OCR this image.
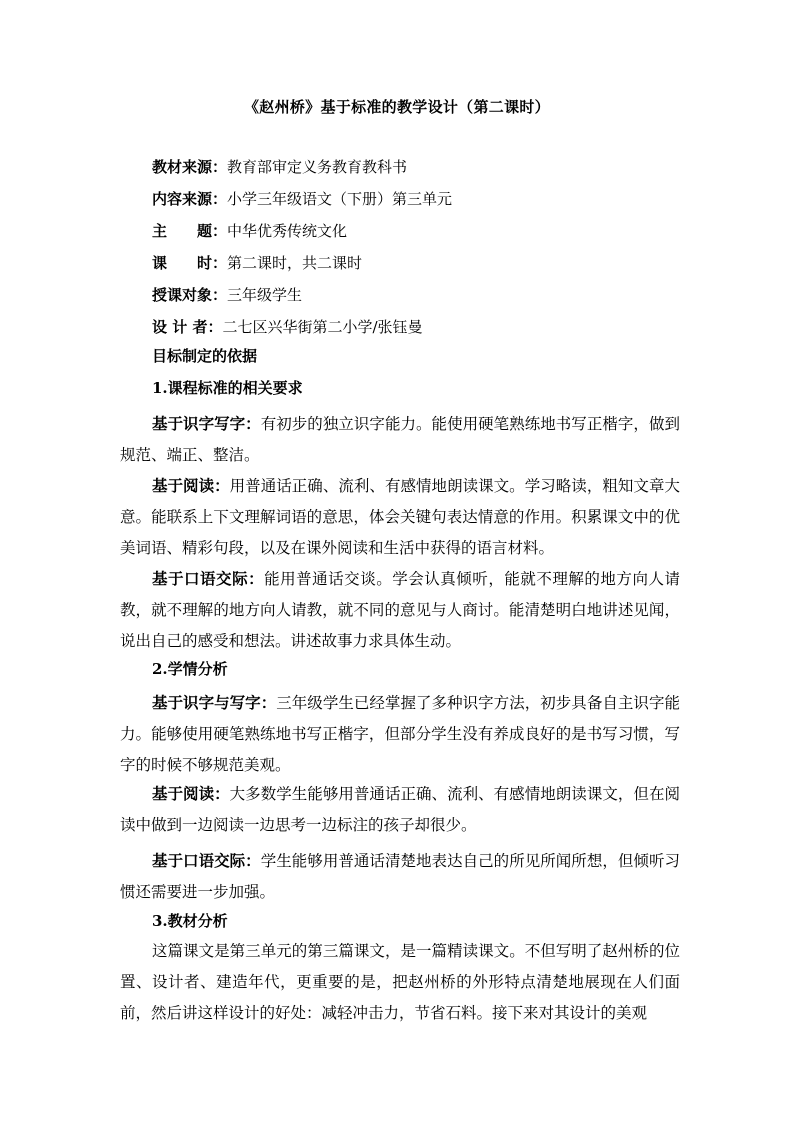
《赵州桥》基于标准的教学设计（第二课时）
教材来源：教育部审定义务教育教科书
内容来源：小学三年级语文（下册）第三单元
主　　题：中华优秀传统文化
课　　时：第二课时，共二课时
授课对象：三年级学生
设 计 者：二七区兴华街第二小学/张钰曼
目标制定的依据
1.课程标准的相关要求

基于识字写字：有初步的独立识字能力。能使用硬笔熟练地书写正楷字，做到规范、端正、整洁。

基于阅读：用普通话正确、流利、有感情地朗读课文。学习略读，粗知文章大意。能联系上下文理解词语的意思，体会关键句表达情意的作用。积累课文中的优美词语、精彩句段，以及在课外阅读和生活中获得的语言材料。

基于口语交际：能用普通话交谈。学会认真倾听，能就不理解的地方向人请教，就不理解的地方向人请教，就不同的意见与人商讨。能清楚明白地讲述见闻，说出自己的感受和想法。讲述故事力求具体生动。

2.学情分析

基于识字与写字：三年级学生已经掌握了多种识字方法，初步具备自主识字能力。能够使用硬笔熟练地书写正楷字，但部分学生没有养成良好的是书写习惯，写字的时候不够规范美观。

基于阅读：大多数学生能够用普通话正确、流利、有感情地朗读课文，但在阅读中做到一边阅读一边思考一边标注的孩子却很少。

基于口语交际：学生能够用普通话清楚地表达自己的所见所闻所想，但倾听习惯还需要进一步加强。

3.教材分析

这篇课文是第三单元的第三篇课文，是一篇精读课文。不但写明了赵州桥的位置、设计者、建造年代，更重要的是，把赵州桥的外形特点清楚地展现在人们面前，然后讲这样设计的好处：减轻冲击力，节省石料。接下来对其设计的美观
